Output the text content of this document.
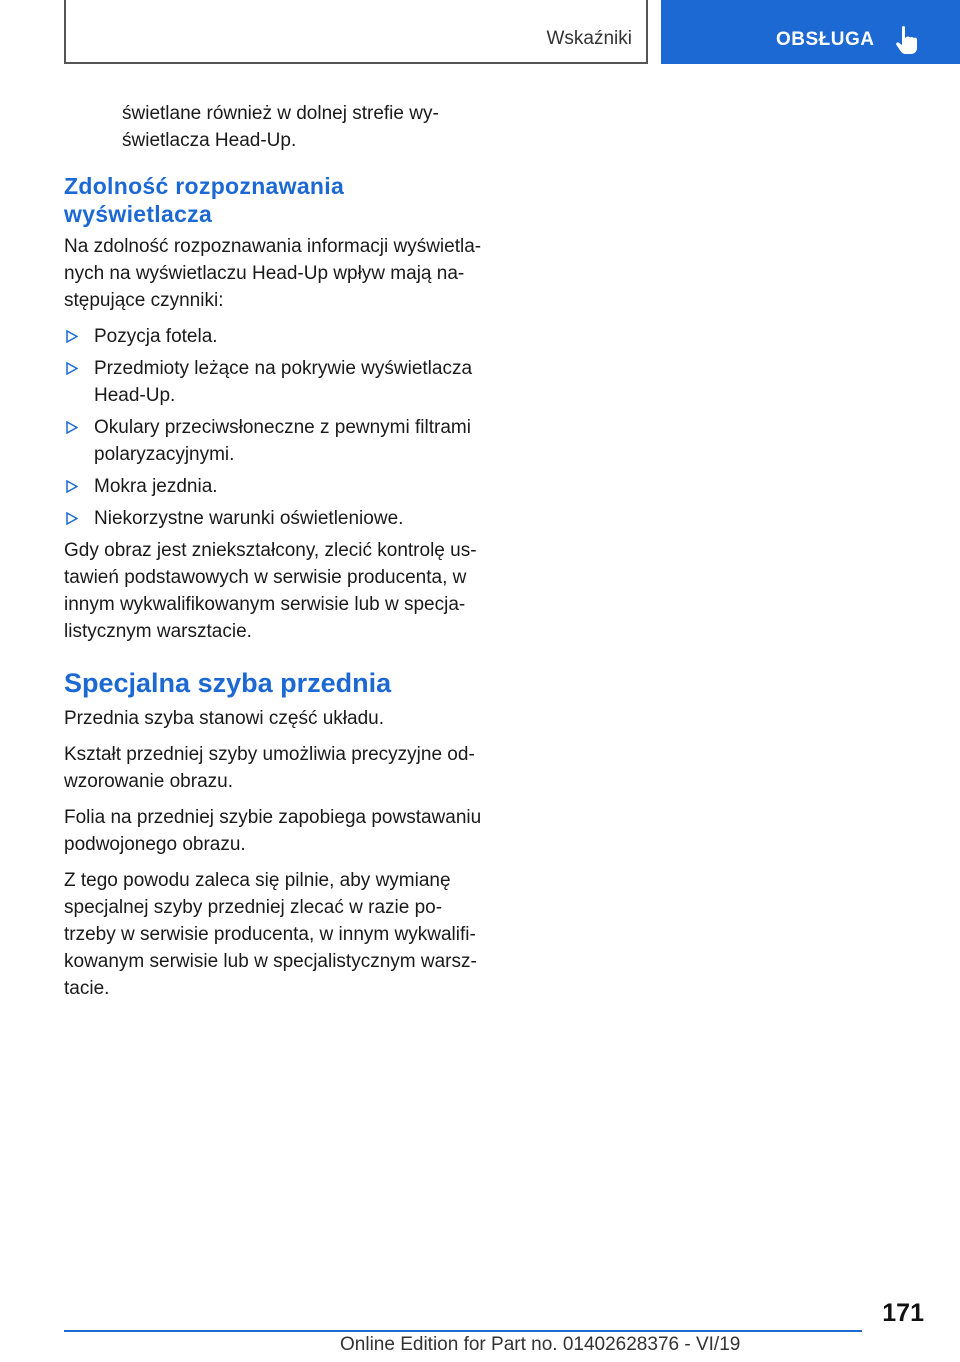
Wskaźniki	OBSŁUGA

świetlane również w dolnej strefie wy-
świetlacza Head-Up.

Zdolność rozpoznawania
wyświetlacza

Na zdolność rozpoznawania informacji wyświetla-
nych na wyświetlaczu Head-Up wpływ mają na-
stępujące czynniki:

Pozycja fotela.
Przedmioty leżące na pokrywie wyświetlacza
Head-Up.
Okulary przeciwsłoneczne z pewnymi filtrami
polaryzacyjnymi.
Mokra jezdnia.
Niekorzystne warunki oświetleniowe.

Gdy obraz jest zniekształcony, zlecić kontrolę us-
tawień podstawowych w serwisie producenta, w
innym wykwalifikowanym serwisie lub w specja-
listycznym warsztacie.

Specjalna szyba przednia

Przednia szyba stanowi część układu.

Kształt przedniej szyby umożliwia precyzyjne od-
wzorowanie obrazu.

Folia na przedniej szybie zapobiega powstawaniu
podwojonego obrazu.

Z tego powodu zaleca się pilnie, aby wymianę
specjalnej szyby przedniej zlecać w razie po-
trzeby w serwisie producenta, w innym wykwalifi-
kowanym serwisie lub w specjalistycznym warsz-
tacie.

171
Online Edition for Part no. 01402628376 - VI/19
